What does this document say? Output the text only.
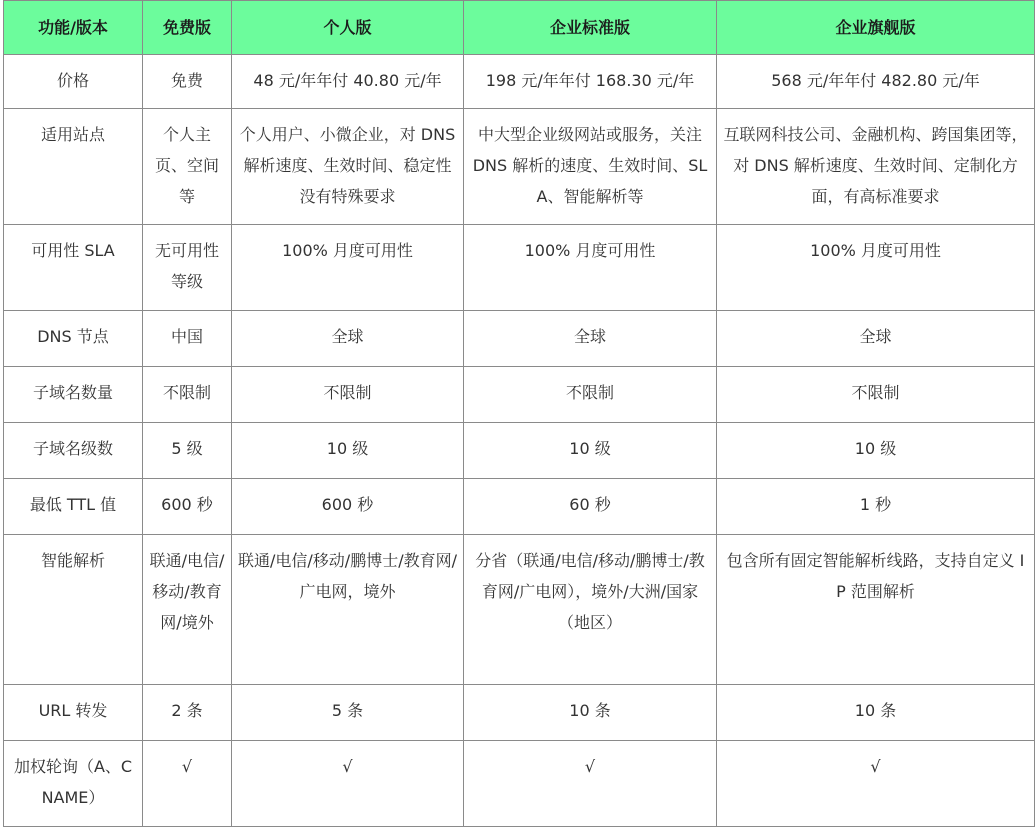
功能/版本	免费版	个人版	企业标准版	企业旗舰版
价格	免费	48 元/年年付 40.80 元/年	198 元/年年付 168.30 元/年	568 元/年年付 482.80 元/年
适用站点	个人主页、空间等	个人用户、小微企业，对 DNS 解析速度、生效时间、稳定性没有特殊要求	中大型企业级网站或服务，关注 DNS 解析的速度、生效时间、SLA、智能解析等	互联网科技公司、金融机构、跨国集团等，对 DNS 解析速度、生效时间、定制化方面，有高标准要求
可用性 SLA	无可用性等级	100% 月度可用性	100% 月度可用性	100% 月度可用性
DNS 节点	中国	全球	全球	全球
子域名数量	不限制	不限制	不限制	不限制
子域名级数	5 级	10 级	10 级	10 级
最低 TTL 值	600 秒	600 秒	60 秒	1 秒
智能解析	联通/电信/移动/教育网/境外	联通/电信/移动/鹏博士/教育网/广电网，境外	分省（联通/电信/移动/鹏博士/教育网/广电网），境外/大洲/国家（地区）	包含所有固定智能解析线路，支持自定义 IP 范围解析
URL 转发	2 条	5 条	10 条	10 条
加权轮询（A、CNAME）	√	√	√	√
